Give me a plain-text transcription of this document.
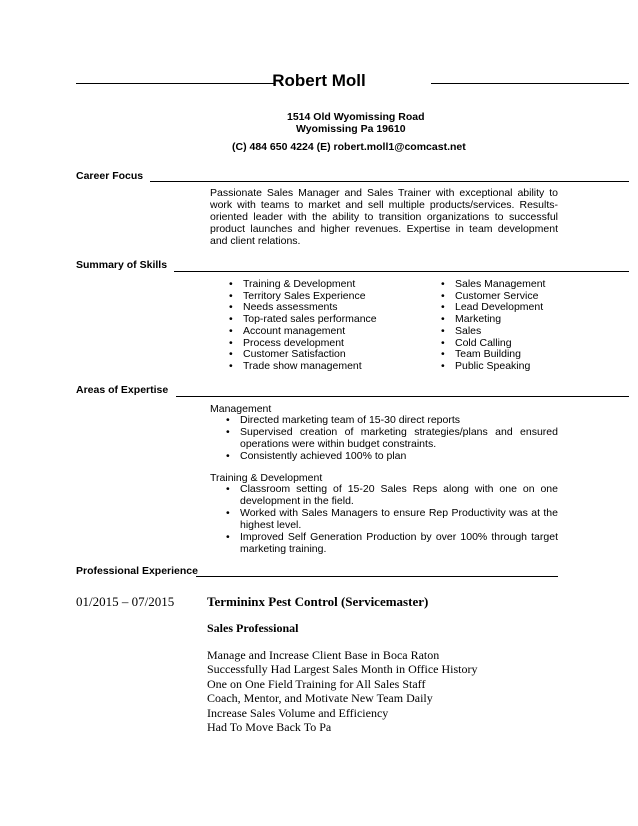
Robert Moll
1514 Old Wyomissing Road
Wyomissing Pa 19610
(C) 484 650 4224 (E) robert.moll1@comcast.net
Career Focus
Passionate Sales Manager and Sales Trainer with exceptional ability to work with teams to market and sell multiple products/services. Results-oriented leader with the ability to transition organizations to successful product launches and higher revenues. Expertise in team development and client relations.
Summary of Skills
• Training & Development
• Territory Sales Experience
• Needs assessments
• Top-rated sales performance
• Account management
• Process development
• Customer Satisfaction
• Trade show management
• Sales Management
• Customer Service
• Lead Development
• Marketing
• Sales
• Cold Calling
• Team Building
• Public Speaking
Areas of Expertise
Management
• Directed marketing team of 15-30 direct reports
• Supervised creation of marketing strategies/plans and ensured operations were within budget constraints.
• Consistently achieved 100% to plan
Training & Development
• Classroom setting of 15-20 Sales Reps along with one on one development in the field.
• Worked with Sales Managers to ensure Rep Productivity was at the highest level.
• Improved Self Generation Production by over 100% through target marketing training.
Professional Experience
01/2015 – 07/2015	Termininx Pest Control (Servicemaster)
Sales Professional
Manage and Increase Client Base in Boca Raton
Successfully Had Largest Sales Month in Office History
One on One Field Training for All Sales Staff
Coach, Mentor, and Motivate New Team Daily
Increase Sales Volume and Efficiency
Had To Move Back To Pa
